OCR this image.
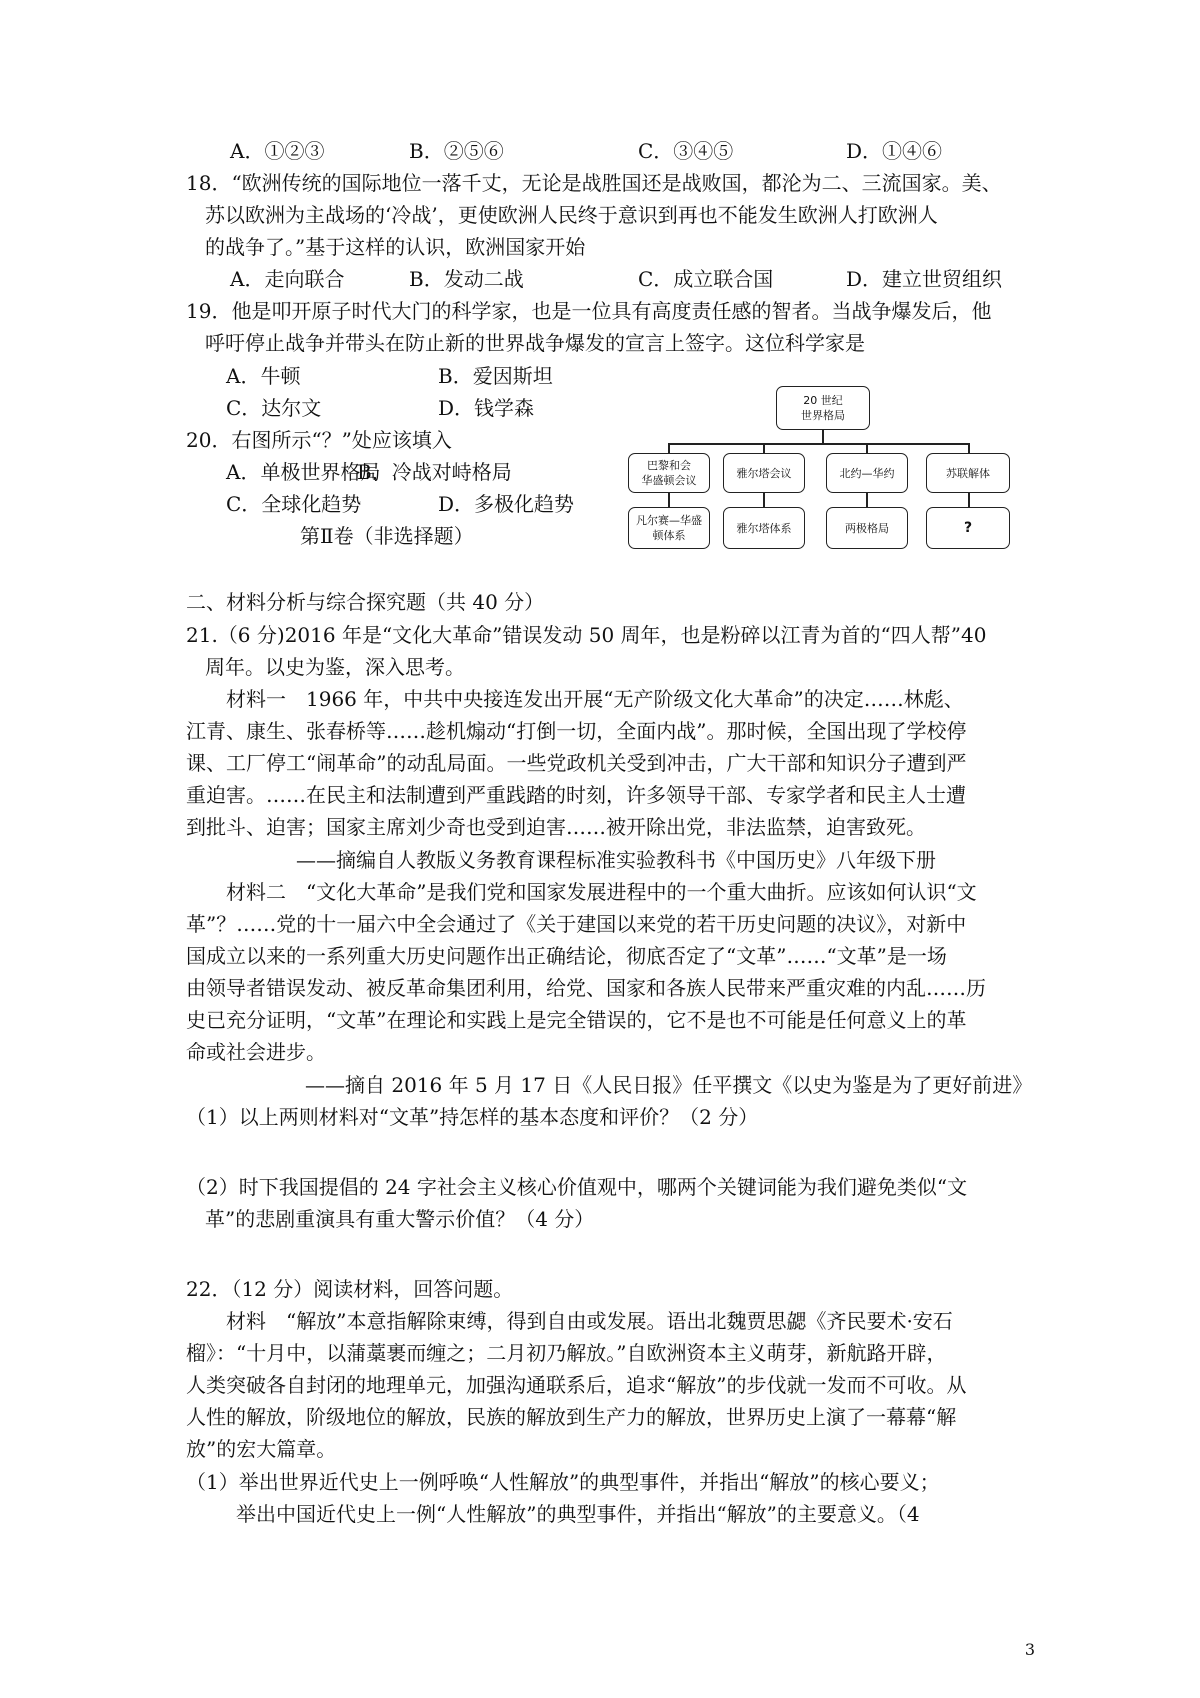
A．①②③	B．②⑤⑥	C．③④⑤	D．①④⑥
18．“欧洲传统的国际地位一落千丈，无论是战胜国还是战败国，都沦为二、三流国家。美、
苏以欧洲为主战场的‘冷战’，更使欧洲人民终于意识到再也不能发生欧洲人打欧洲人
的战争了。”基于这样的认识，欧洲国家开始
A．走向联合	B．发动二战	C．成立联合国	D．建立世贸组织
19．他是叩开原子时代大门的科学家，也是一位具有高度责任感的智者。当战争爆发后，他
呼吁停止战争并带头在防止新的世界战争爆发的宣言上签字。这位科学家是
A．牛顿	B．爱因斯坦
C．达尔文	D．钱学森
20．右图所示“？”处应该填入
A．单极世界格局
B．冷战对峙格局
C．全球化趋势	D．多极化趋势
20 世纪
世界格局
巴黎和会
华盛顿会议
雅尔塔会议	北约—华约	苏联解体
凡尔赛—华盛
顿体系
雅尔塔体系	两极格局	?
第Ⅱ卷（非选择题）
二、材料分析与综合探究题（共 40 分）
21.（6 分)2016 年是“文化大革命”错误发动 50 周年，也是粉碎以江青为首的“四人帮”40
周年。以史为鉴，深入思考。
材料一　1966 年，中共中央接连发出开展“无产阶级文化大革命”的决定……林彪、
江青、康生、张春桥等……趁机煽动“打倒一切，全面内战”。那时候，全国出现了学校停
课、工厂停工“闹革命”的动乱局面。一些党政机关受到冲击，广大干部和知识分子遭到严
重迫害。……在民主和法制遭到严重践踏的时刻，许多领导干部、专家学者和民主人士遭
到批斗、迫害；国家主席刘少奇也受到迫害……被开除出党，非法监禁，迫害致死。
——摘编自人教版义务教育课程标准实验教科书《中国历史》八年级下册
材料二　“文化大革命”是我们党和国家发展进程中的一个重大曲折。应该如何认识“文
革”？……党的十一届六中全会通过了《关于建国以来党的若干历史问题的决议》，对新中
国成立以来的一系列重大历史问题作出正确结论，彻底否定了“文革”……“文革”是一场
由领导者错误发动、被反革命集团利用，给党、国家和各族人民带来严重灾难的内乱……历
史已充分证明，“文革”在理论和实践上是完全错误的，它不是也不可能是任何意义上的革
命或社会进步。
——摘自 2016 年 5 月 17 日《人民日报》任平撰文《以史为鉴是为了更好前进》
（1）以上两则材料对“文革”持怎样的基本态度和评价？（2 分）
（2）时下我国提倡的 24 字社会主义核心价值观中，哪两个关键词能为我们避免类似“文
革”的悲剧重演具有重大警示价值？（4 分）
22．（12 分）阅读材料，回答问题。
材料　“解放”本意指解除束缚，得到自由或发展。语出北魏贾思勰《齐民要术·安石
榴》：“十月中，以蒲藁裹而缠之；二月初乃解放。”自欧洲资本主义萌芽，新航路开辟，
人类突破各自封闭的地理单元，加强沟通联系后，追求“解放”的步伐就一发而不可收。从
人性的解放，阶级地位的解放，民族的解放到生产力的解放，世界历史上演了一幕幕“解
放”的宏大篇章。
（1）举出世界近代史上一例呼唤“人性解放”的典型事件，并指出“解放”的核心要义；
举出中国近代史上一例“人性解放”的典型事件，并指出“解放”的主要意义。（4
3
